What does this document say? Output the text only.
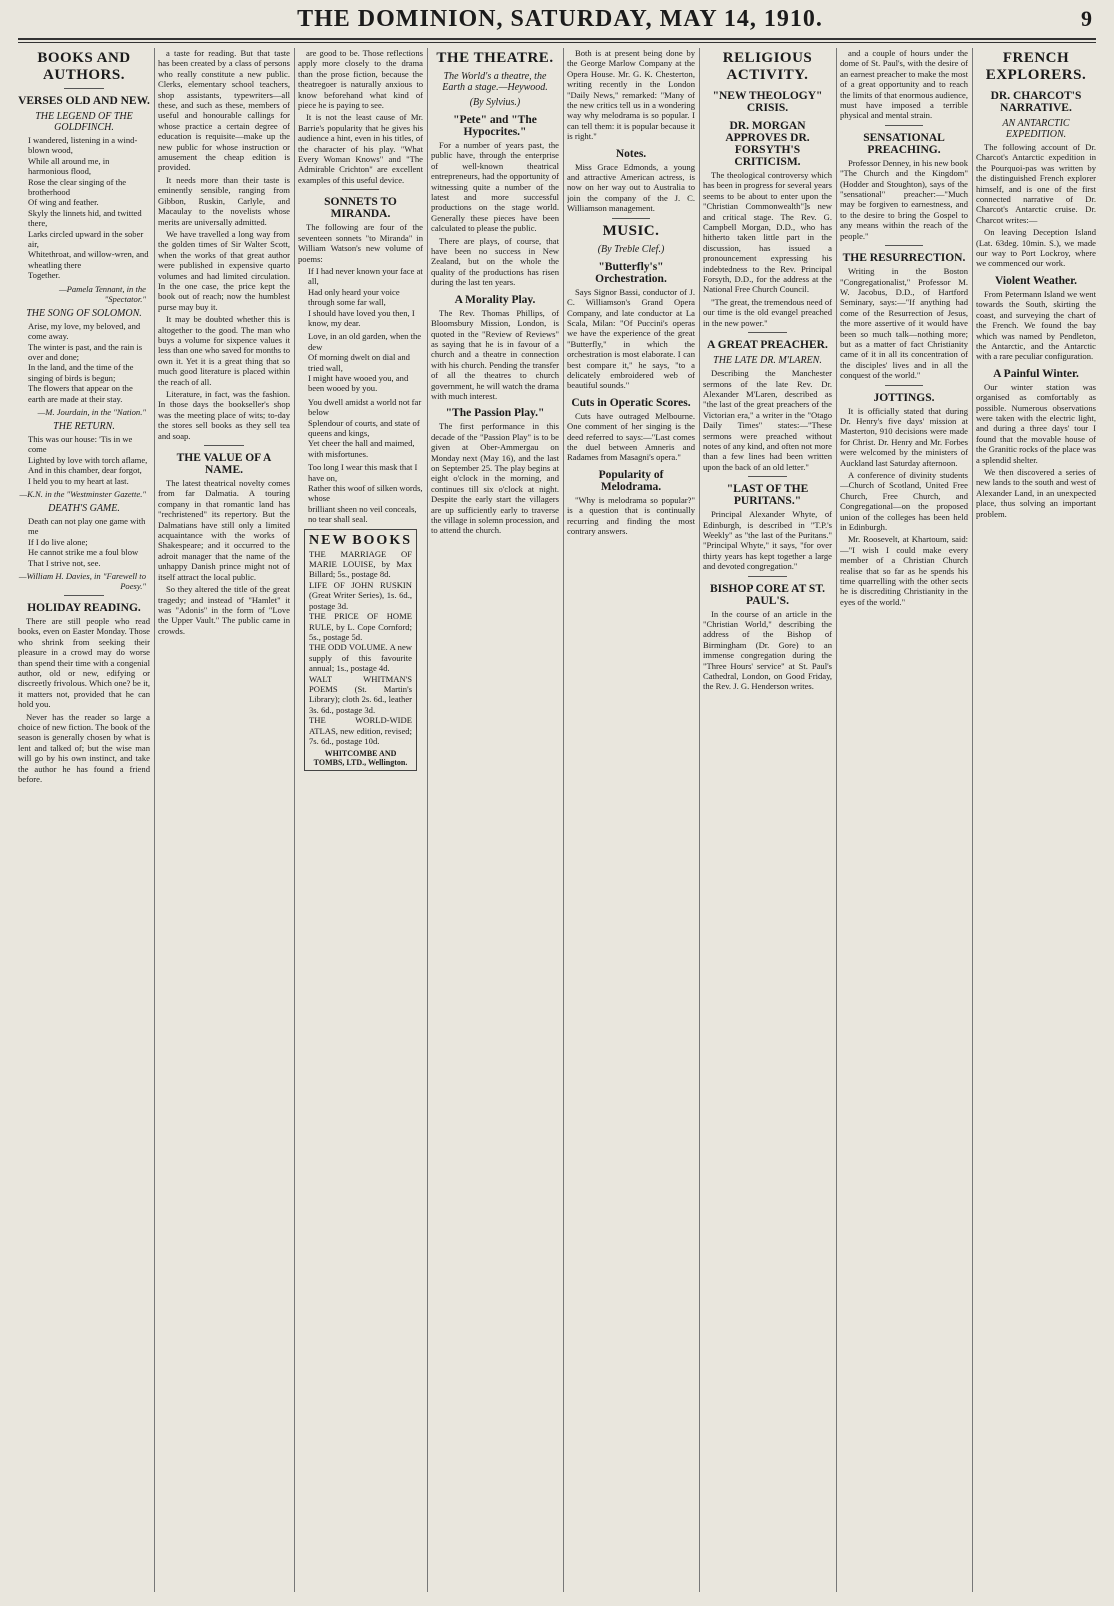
THE DOMINION, SATURDAY, MAY 14, 1910.	9
BOOKS AND AUTHORS.
VERSES OLD AND NEW.
THE LEGEND OF THE GOLDFINCH.
I wandered, listening in a wind-blown wood,
While all around me, in harmonious flood,
Rose the clear singing of the brotherhood
Of wing and feather.
Skyly the linnets hid, and twitted there,
Larks circled upward in the sober air,
Whitethroat, and willow-wren, and wheatling there
Together.
—Pamela Tennant, in the "Spectator."
THE SONG OF SOLOMON.
Arise, my love, my beloved, and come away.
The winter is past, and the rain is over and done;
In the land, and the time of the singing of birds is begun;
The flowers that appear on the earth are made at their stay.
—M. Jourdain, in the "Nation."
THE RETURN.
This was our house: 'Tis in we come
Lighted by love with torch aflame,
And in this chamber, dear forgot,
I held you to my heart at last.
—K.N. in the "Westminster Gazette."
DEATH'S GAME.
Death can not play one game with me
If I do live alone;
He cannot strike me a foul blow
That I strive not, see.
—William H. Davies, in "Farewell to Poesy."
HOLIDAY READING.

There are still people who read books, even on Easter Monday. Those who shrink from seeking their pleasure in a crowd may do worse than spend their time with a congenial author, old or new, edifying or discreetly frivolous. Which one? be it, it matters not, provided that he can hold you.

Never has the reader so large a choice of new fiction. The book of the season is generally chosen by what is lent and talked of; but the wise man will go by his own instinct, and take the author he has found a friend before.

a taste for reading. But that taste has been created by a class of persons who really constitute a new public. Clerks, elementary school teachers, shop assistants, typewriters—all these, and such as these, members of useful and honourable callings for whose practice a certain degree of education is requisite—make up the new public for whose instruction or amusement the cheap edition is provided.

It needs more than their taste is eminently sensible, ranging from Gibbon, Ruskin, Carlyle, and Macaulay to the novelists whose merits are universally admitted.

We have travelled a long way from the golden times of Sir Walter Scott, when the works of that great author were published in expensive quarto volumes and had limited circulation. In the one case, the price kept the book out of reach; now the humblest purse may buy it.

It may be doubted whether this is altogether to the good. The man who buys a volume for sixpence values it less than one who saved for months to own it. Yet it is a great thing that so much good literature is placed within the reach of all.

Literature, in fact, was the fashion. In those days the bookseller's shop was the meeting place of wits; to-day the stores sell books as they sell tea and soap.

THE VALUE OF A NAME.

The latest theatrical novelty comes from far Dalmatia. A touring company in that romantic land has "rechristened" its repertory. But the Dalmatians have still only a limited acquaintance with the works of Shakespeare; and it occurred to the adroit manager that the name of the unhappy Danish prince might not of itself attract the local public.

So they altered the title of the great tragedy; and instead of "Hamlet" it was "Adonis" in the form of "Love the Upper Vault." The public came in crowds.

are good to be. Those reflections apply more closely to the drama than the prose fiction, because the theatregoer is naturally anxious to know beforehand what kind of piece he is paying to see.

It is not the least cause of Mr. Barrie's popularity that he gives his audience a hint, even in his titles, of the character of his play. "What Every Woman Knows" and "The Admirable Crichton" are excellent examples of this useful device.

SONNETS TO MIRANDA.

The following are four of the seventeen sonnets "to Miranda" in William Watson's new volume of poems:

If I had never known your face at all,
Had only heard your voice through some far wall,
I should have loved you then, I know, my dear.
Love, in an old garden, when the dew
Of morning dwelt on dial and tried wall,
I might have wooed you, and been wooed by you.
You dwell amidst a world not far below
Splendour of courts, and state of queens and kings,
Yet cheer the hall and maimed, with misfortunes.
Too long I wear this mask that I have on,
Rather this woof of silken words, whose
brilliant sheen no veil conceals, no tear shall seal.
NEW BOOKS

THE MARRIAGE OF MARIE LOUISE, by Max Billard; 5s., postage 8d.
LIFE OF JOHN RUSKIN (Great Writer Series), 1s. 6d., postage 3d.
THE PRICE OF HOME RULE, by L. Cope Cornford; 5s., postage 5d.
THE ODD VOLUME. A new supply of this favourite annual; 1s., postage 4d.
WALT WHITMAN'S POEMS (St. Martin's Library); cloth 2s. 6d., leather 3s. 6d., postage 3d.
THE WORLD-WIDE ATLAS, new edition, revised; 7s. 6d., postage 10d.

WHITCOMBE AND TOMBS, LTD., Wellington.
THE THEATRE.
The World's a theatre, the Earth a stage.—Heywood.
(By Sylvius.)
"Pete" and "The Hypocrites."

For a number of years past, the public have, through the enterprise of well-known theatrical entrepreneurs, had the opportunity of witnessing quite a number of the latest and more successful productions on the stage world. Generally these pieces have been calculated to please the public.

There are plays, of course, that have been no success in New Zealand, but on the whole the quality of the productions has risen during the last ten years.

A Morality Play.

The Rev. Thomas Phillips, of Bloomsbury Mission, London, is quoted in the "Review of Reviews" as saying that he is in favour of a church and a theatre in connection with his church. Pending the transfer of all the theatres to church government, he will watch the drama with much interest.

"The Passion Play."

The first performance in this decade of the "Passion Play" is to be given at Ober-Ammergau on Monday next (May 16), and the last on September 25. The play begins at eight o'clock in the morning, and continues till six o'clock at night. Despite the early start the villagers are up sufficiently early to traverse the village in solemn procession, and to attend the church.

Both is at present being done by the George Marlow Company at the Opera House. Mr. G. K. Chesterton, writing recently in the London "Daily News," remarked: "Many of the new critics tell us in a wondering way why melodrama is so popular. I can tell them: it is popular because it is right."

Notes.

Miss Grace Edmonds, a young and attractive American actress, is now on her way out to Australia to join the company of the J. C. Williamson management.

MUSIC.
(By Treble Clef.)
"Butterfly's" Orchestration.

Says Signor Bassi, conductor of J. C. Williamson's Grand Opera Company, and late conductor at La Scala, Milan: "Of Puccini's operas we have the experience of the great "Butterfly," in which the orchestration is most elaborate. I can best compare it," he says, "to a delicately embroidered web of beautiful sounds."

Cuts in Operatic Scores.

Cuts have outraged Melbourne. One comment of her singing is the deed referred to says:—"Last comes the duel between Amneris and Radames from Masagni's opera."

Popularity of Melodrama.

"Why is melodrama so popular?" is a question that is continually recurring and finding the most contrary answers.

RELIGIOUS ACTIVITY.
"NEW THEOLOGY" CRISIS.
DR. MORGAN APPROVES DR. FORSYTH'S CRITICISM.

The theological controversy which has been in progress for several years seems to be about to enter upon the "Christian Commonwealth"]s new and critical stage. The Rev. G. Campbell Morgan, D.D., who has hitherto taken little part in the discussion, has issued a pronouncement expressing his indebtedness to the Rev. Principal Forsyth, D.D., for the address at the National Free Church Council.

"The great, the tremendous need of our time is the old evangel preached in the new power."

A GREAT PREACHER.
THE LATE DR. M'LAREN.

Describing the Manchester sermons of the late Rev. Dr. Alexander M'Laren, described as "the last of the great preachers of the Victorian era," a writer in the "Otago Daily Times" states:—"These sermons were preached without notes of any kind, and often not more than a few lines had been written upon the back of an old letter."

"LAST OF THE PURITANS."

Principal Alexander Whyte, of Edinburgh, is described in "T.P.'s Weekly" as "the last of the Puritans." "Principal Whyte," it says, "for over thirty years has kept together a large and devoted congregation."

BISHOP CORE AT ST. PAUL'S.

In the course of an article in the "Christian World," describing the address of the Bishop of Birmingham (Dr. Gore) to an immense congregation during the "Three Hours' service" at St. Paul's Cathedral, London, on Good Friday, the Rev. J. G. Henderson writes.

and a couple of hours under the dome of St. Paul's, with the desire of an earnest preacher to make the most of a great opportunity and to reach the limits of that enormous audience, must have imposed a terrible physical and mental strain.

SENSATIONAL PREACHING.

Professor Denney, in his new book "The Church and the Kingdom" (Hodder and Stoughton), says of the "sensational" preacher:—"Much may be forgiven to earnestness, and to the desire to bring the Gospel to any means within the reach of the people."

THE RESURRECTION.

Writing in the Boston "Congregationalist," Professor M. W. Jacobus, D.D., of Hartford Seminary, says:—"If anything had come of the Resurrection of Jesus, the more assertive of it would have been so much talk—nothing more; but as a matter of fact Christianity came of it in all its concentration of the disciples' lives and in all the conquest of the world."

JOTTINGS.

It is officially stated that during Dr. Henry's five days' mission at Masterton, 910 decisions were made for Christ. Dr. Henry and Mr. Forbes were welcomed by the ministers of Auckland last Saturday afternoon.

A conference of divinity students—Church of Scotland, United Free Church, Free Church, and Congregational—on the proposed union of the colleges has been held in Edinburgh.

Mr. Roosevelt, at Khartoum, said:—"I wish I could make every member of a Christian Church realise that so far as he spends his time quarrelling with the other sects he is discrediting Christianity in the eyes of the world."

FRENCH EXPLORERS.
DR. CHARCOT'S NARRATIVE.
AN ANTARCTIC EXPEDITION.

The following account of Dr. Charcot's Antarctic expedition in the Pourquoi-pas was written by the distinguished French explorer himself, and is one of the first connected narrative of Dr. Charcot's Antarctic cruise. Dr. Charcot writes:—

On leaving Deception Island (Lat. 63deg. 10min. S.), we made our way to Port Lockroy, where we commenced our work.

Violent Weather.

From Petermann Island we went towards the South, skirting the coast, and surveying the chart of the French. We found the bay which was named by Pendleton, the Antarctic, and the Antarctic with a rare peculiar configuration.

A Painful Winter.

Our winter station was organised as comfortably as possible. Numerous observations were taken with the electric light, and during a three days' tour I found that the movable house of the Granitic rocks of the place was a splendid shelter.

We then discovered a series of new lands to the south and west of Alexander Land, in an unexpected place, thus solving an important problem.
